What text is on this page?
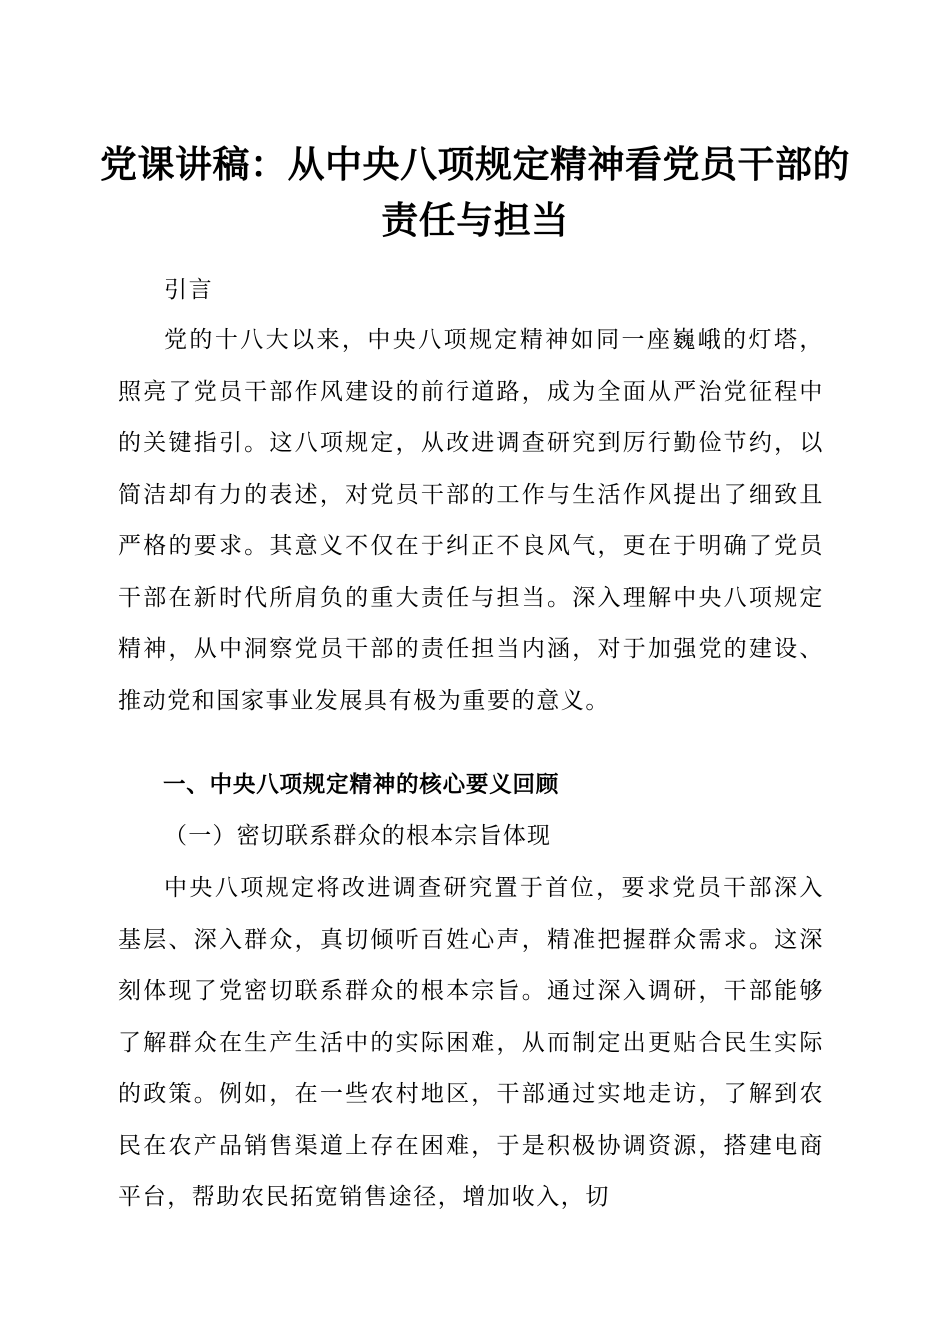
党课讲稿：从中央八项规定精神看党员干部的
责任与担当

引言

党的十八大以来，中央八项规定精神如同一座巍峨的灯塔，照亮了党员干部作风建设的前行道路，成为全面从严治党征程中的关键指引。这八项规定，从改进调查研究到厉行勤俭节约，以简洁却有力的表述，对党员干部的工作与生活作风提出了细致且严格的要求。其意义不仅在于纠正不良风气，更在于明确了党员干部在新时代所肩负的重大责任与担当。深入理解中央八项规定精神，从中洞察党员干部的责任担当内涵，对于加强党的建设、推动党和国家事业发展具有极为重要的意义。

一、中央八项规定精神的核心要义回顾

（一）密切联系群众的根本宗旨体现

中央八项规定将改进调查研究置于首位，要求党员干部深入基层、深入群众，真切倾听百姓心声，精准把握群众需求。这深刻体现了党密切联系群众的根本宗旨。通过深入调研，干部能够了解群众在生产生活中的实际困难，从而制定出更贴合民生实际的政策。例如，在一些农村地区，干部通过实地走访，了解到农民在农产品销售渠道上存在困难，于是积极协调资源，搭建电商平台，帮助农民拓宽销售途径，增加收入，切
